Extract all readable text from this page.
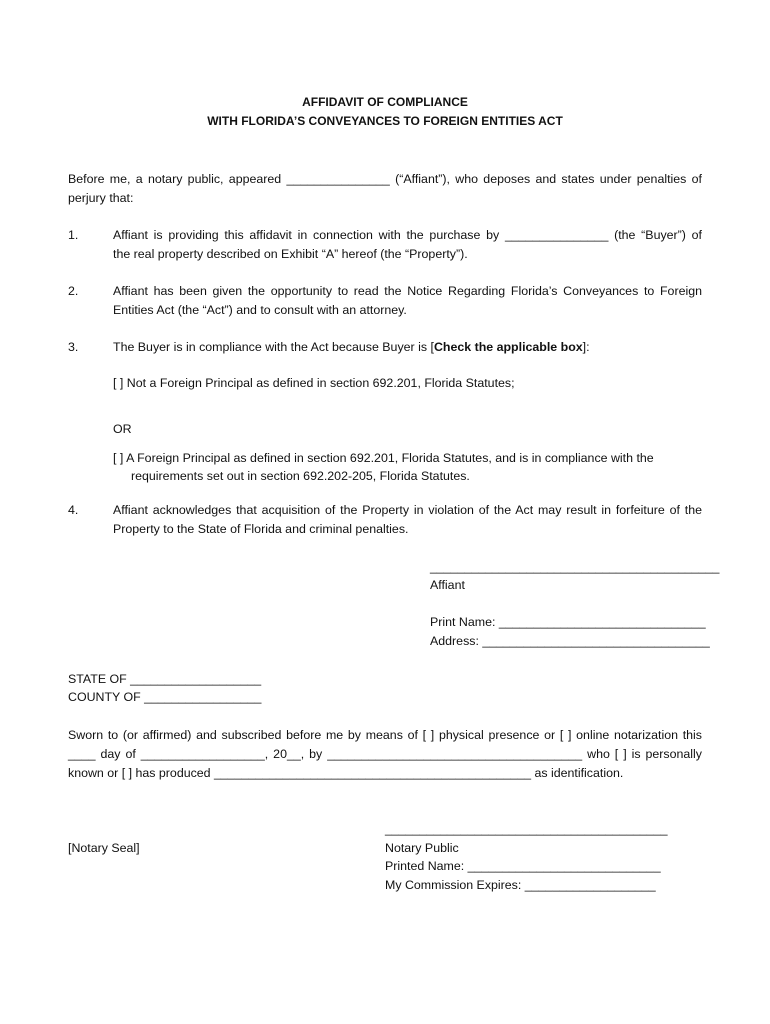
AFFIDAVIT OF COMPLIANCE
WITH FLORIDA’S CONVEYANCES TO FOREIGN ENTITIES ACT
Before me, a notary public, appeared _______________ (“Affiant”), who deposes and states under penalties of
perjury that:
1.	Affiant is providing this affidavit in connection with the purchase by _______________ (the “Buyer”) of
the real property described on Exhibit “A” hereof (the “Property”).
2.	Affiant has been given the opportunity to read the Notice Regarding Florida’s Conveyances to Foreign
Entities Act (the “Act”) and to consult with an attorney.
3.	The Buyer is in compliance with the Act because Buyer is [Check the applicable box]:
[ ] Not a Foreign Principal as defined in section 692.201, Florida Statutes;
OR
[ ] A Foreign Principal as defined in section 692.201, Florida Statutes, and is in compliance with the
requirements set out in section 692.202-205, Florida Statutes.
4.	Affiant acknowledges that acquisition of the Property in violation of the Act may result in forfeiture of the
Property to the State of Florida and criminal penalties.
__________________________________________
Affiant
Print Name: ______________________________
Address: _________________________________
STATE OF ___________________
COUNTY OF _________________
Sworn to (or affirmed) and subscribed before me by means of [ ] physical presence or [ ] online notarization this
____ day of __________________, 20__, by _____________________________________ who [ ] is personally
known or [ ] has produced ______________________________________________ as identification.
[Notary Seal]
_________________________________________
Notary Public
Printed Name: ____________________________
My Commission Expires: ___________________
